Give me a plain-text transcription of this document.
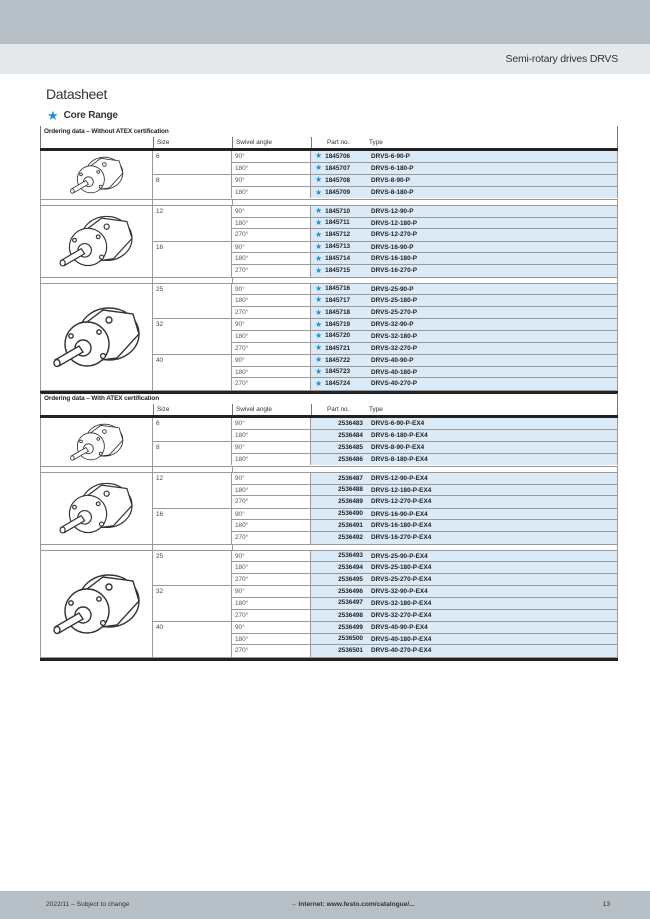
Semi-rotary drives DRVS
Datasheet
★ Core Range
Ordering data – Without ATEX certification
Size	Swivel angle	Part no.	Type
6	90°	★ 1845706	DRVS-6-90-P
180°	★ 1845707	DRVS-6-180-P
8	90°	★ 1845708	DRVS-8-90-P
180°	★ 1845709	DRVS-8-180-P
12	90°	★ 1845710	DRVS-12-90-P
180°	★ 1845711	DRVS-12-180-P
270°	★ 1845712	DRVS-12-270-P
16	90°	★ 1845713	DRVS-16-90-P
180°	★ 1845714	DRVS-16-180-P
270°	★ 1845715	DRVS-16-270-P
25	90°	★ 1845716	DRVS-25-90-P
180°	★ 1845717	DRVS-25-180-P
270°	★ 1845718	DRVS-25-270-P
32	90°	★ 1845719	DRVS-32-90-P
180°	★ 1845720	DRVS-32-180-P
270°	★ 1845721	DRVS-32-270-P
40	90°	★ 1845722	DRVS-40-90-P
180°	★ 1845723	DRVS-40-180-P
270°	★ 1845724	DRVS-40-270-P
Ordering data – With ATEX certification
Size	Swivel angle	Part no.	Type
6	90°	2536483	DRVS-6-90-P-EX4
180°	2536484	DRVS-6-180-P-EX4
8	90°	2536485	DRVS-8-90-P-EX4
180°	2536486	DRVS-8-180-P-EX4
12	90°	2536487	DRVS-12-90-P-EX4
180°	2536488	DRVS-12-180-P-EX4
270°	2536489	DRVS-12-270-P-EX4
16	90°	2536490	DRVS-16-90-P-EX4
180°	2536491	DRVS-16-180-P-EX4
270°	2536492	DRVS-16-270-P-EX4
25	90°	2536493	DRVS-25-90-P-EX4
180°	2536494	DRVS-25-180-P-EX4
270°	2536495	DRVS-25-270-P-EX4
32	90°	2536496	DRVS-32-90-P-EX4
180°	2536497	DRVS-32-180-P-EX4
270°	2536498	DRVS-32-270-P-EX4
40	90°	2536499	DRVS-40-90-P-EX4
180°	2536500	DRVS-40-180-P-EX4
270°	2536501	DRVS-40-270-P-EX4
2022/11 – Subject to change	→ Internet: www.festo.com/catalogue/...	13
